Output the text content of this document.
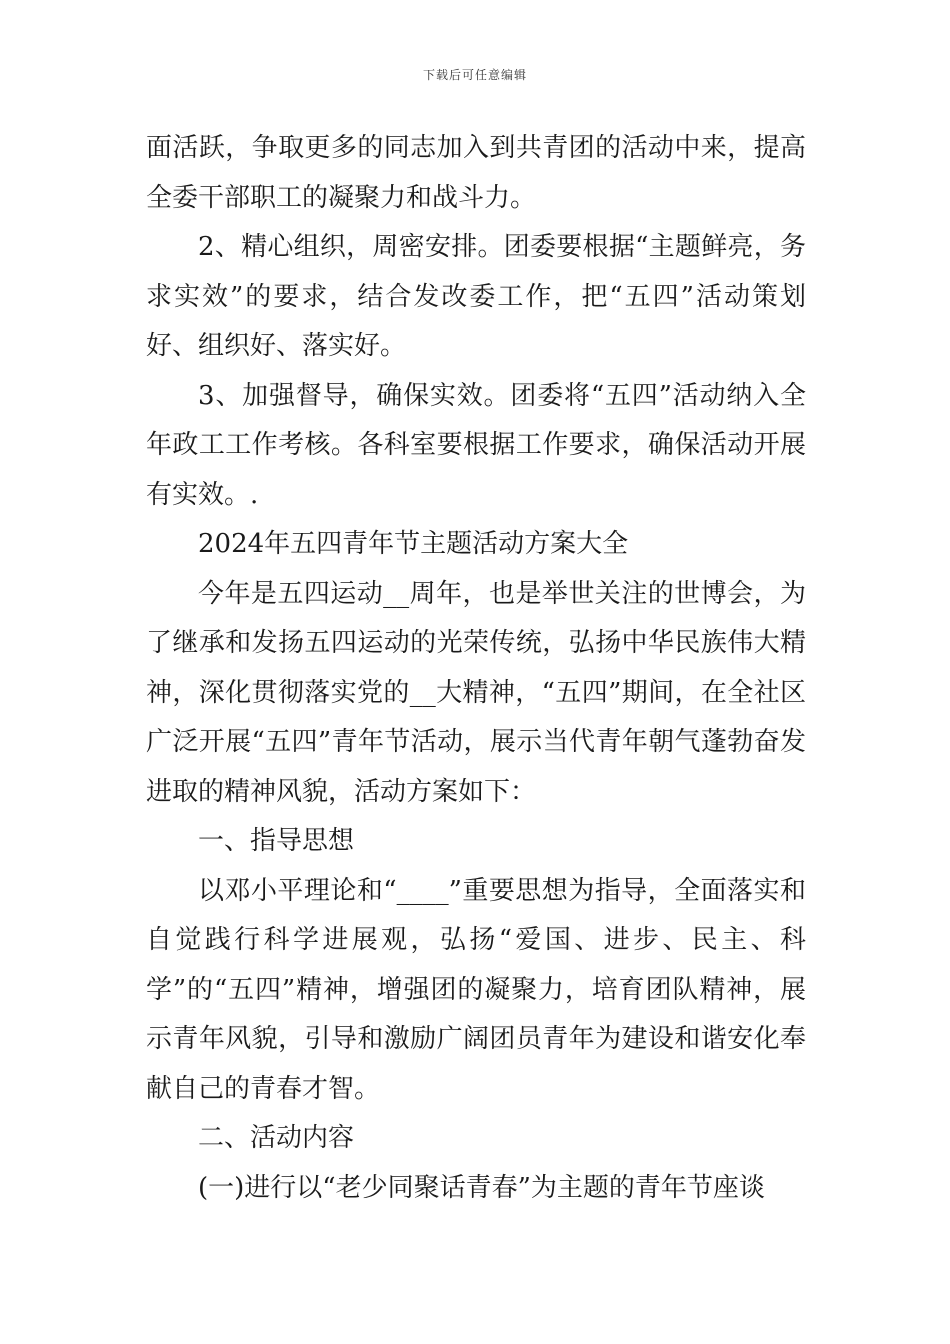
下载后可任意编辑

面活跃，争取更多的同志加入到共青团的活动中来，提高全委干部职工的凝聚力和战斗力。

2、精心组织，周密安排。团委要根据“主题鲜亮，务求实效”的要求，结合发改委工作，把“五四”活动策划好、组织好、落实好。

3、加强督导，确保实效。团委将“五四”活动纳入全年政工工作考核。各科室要根据工作要求，确保活动开展有实效。.

2024年五四青年节主题活动方案大全

今年是五四运动__周年，也是举世关注的世博会，为了继承和发扬五四运动的光荣传统，弘扬中华民族伟大精神，深化贯彻落实党的__大精神，“五四”期间，在全社区广泛开展“五四”青年节活动，展示当代青年朝气蓬勃奋发进取的精神风貌，活动方案如下：

一、指导思想

以邓小平理论和“____”重要思想为指导，全面落实和自觉践行科学进展观，弘扬“爱国、进步、民主、科学”的“五四”精神，增强团的凝聚力，培育团队精神，展示青年风貌，引导和激励广阔团员青年为建设和谐安化奉献自己的青春才智。

二、活动内容

(一)进行以“老少同聚话青春”为主题的青年节座谈
